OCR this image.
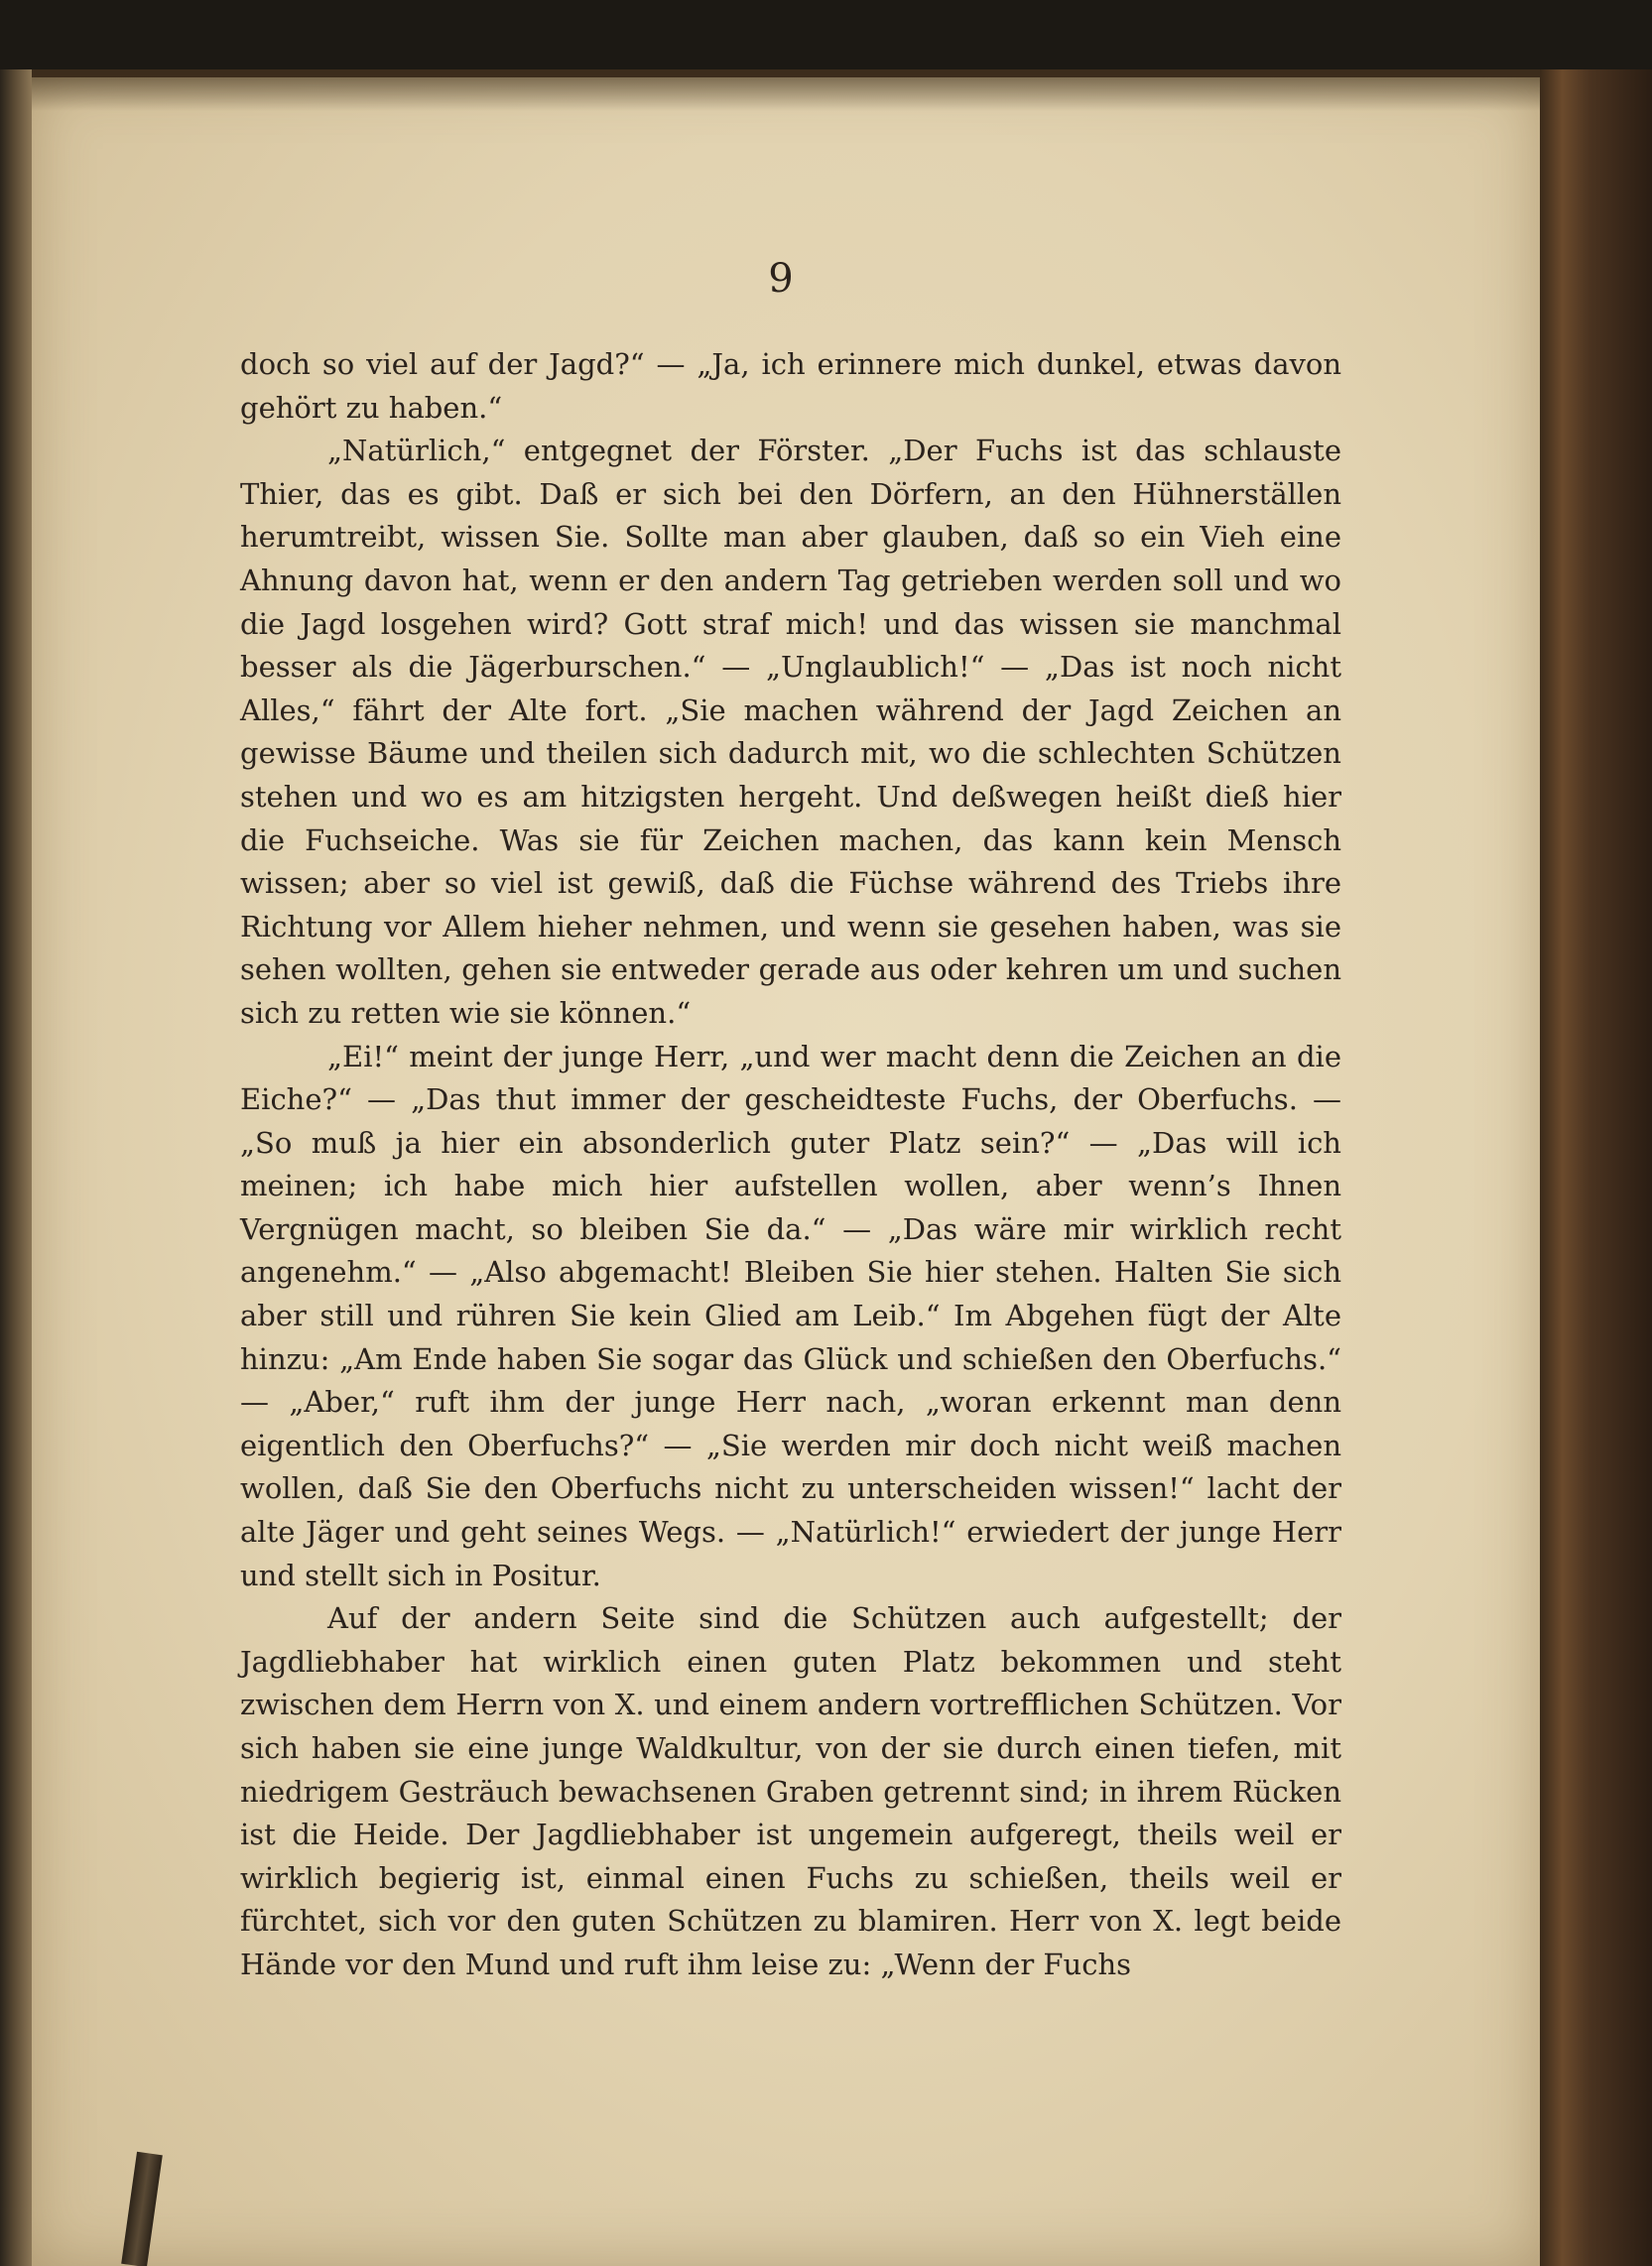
9

doch so viel auf der Jagd?“ — „Ja, ich erinnere mich dunkel, etwas davon gehört zu haben.“

„Natürlich,“ entgegnet der Förster. „Der Fuchs ist das schlauste Thier, das es gibt. Daß er sich bei den Dörfern, an den Hühnerställen herumtreibt, wissen Sie. Sollte man aber glauben, daß so ein Vieh eine Ahnung davon hat, wenn er den andern Tag getrieben werden soll und wo die Jagd losgehen wird? Gott straf mich! und das wissen sie manchmal besser als die Jägerburschen.“ — „Unglaublich!“ — „Das ist noch nicht Alles,“ fährt der Alte fort. „Sie machen während der Jagd Zeichen an gewisse Bäume und theilen sich dadurch mit, wo die schlechten Schützen stehen und wo es am hitzigsten hergeht. Und deßwegen heißt dieß hier die Fuchseiche. Was sie für Zeichen machen, das kann kein Mensch wissen; aber so viel ist gewiß, daß die Füchse während des Triebs ihre Richtung vor Allem hieher nehmen, und wenn sie gesehen haben, was sie sehen wollten, gehen sie entweder gerade aus oder kehren um und suchen sich zu retten wie sie können.“

„Ei!“ meint der junge Herr, „und wer macht denn die Zeichen an die Eiche?“ — „Das thut immer der gescheidteste Fuchs, der Oberfuchs. — „So muß ja hier ein absonderlich guter Platz sein?“ — „Das will ich meinen; ich habe mich hier aufstellen wollen, aber wenn’s Ihnen Vergnügen macht, so bleiben Sie da.“ — „Das wäre mir wirklich recht angenehm.“ — „Also abgemacht! Bleiben Sie hier stehen. Halten Sie sich aber still und rühren Sie kein Glied am Leib.“ Im Abgehen fügt der Alte hinzu: „Am Ende haben Sie sogar das Glück und schießen den Oberfuchs.“ — „Aber,“ ruft ihm der junge Herr nach, „woran erkennt man denn eigentlich den Oberfuchs?“ — „Sie werden mir doch nicht weiß machen wollen, daß Sie den Oberfuchs nicht zu unterscheiden wissen!“ lacht der alte Jäger und geht seines Wegs. — „Natürlich!“ erwiedert der junge Herr und stellt sich in Positur.

Auf der andern Seite sind die Schützen auch aufgestellt; der Jagdliebhaber hat wirklich einen guten Platz bekommen und steht zwischen dem Herrn von X. und einem andern vortrefflichen Schützen. Vor sich haben sie eine junge Waldkultur, von der sie durch einen tiefen, mit niedrigem Gesträuch bewachsenen Graben getrennt sind; in ihrem Rücken ist die Heide. Der Jagdliebhaber ist ungemein aufgeregt, theils weil er wirklich begierig ist, einmal einen Fuchs zu schießen, theils weil er fürchtet, sich vor den guten Schützen zu blamiren. Herr von X. legt beide Hände vor den Mund und ruft ihm leise zu: „Wenn der Fuchs
